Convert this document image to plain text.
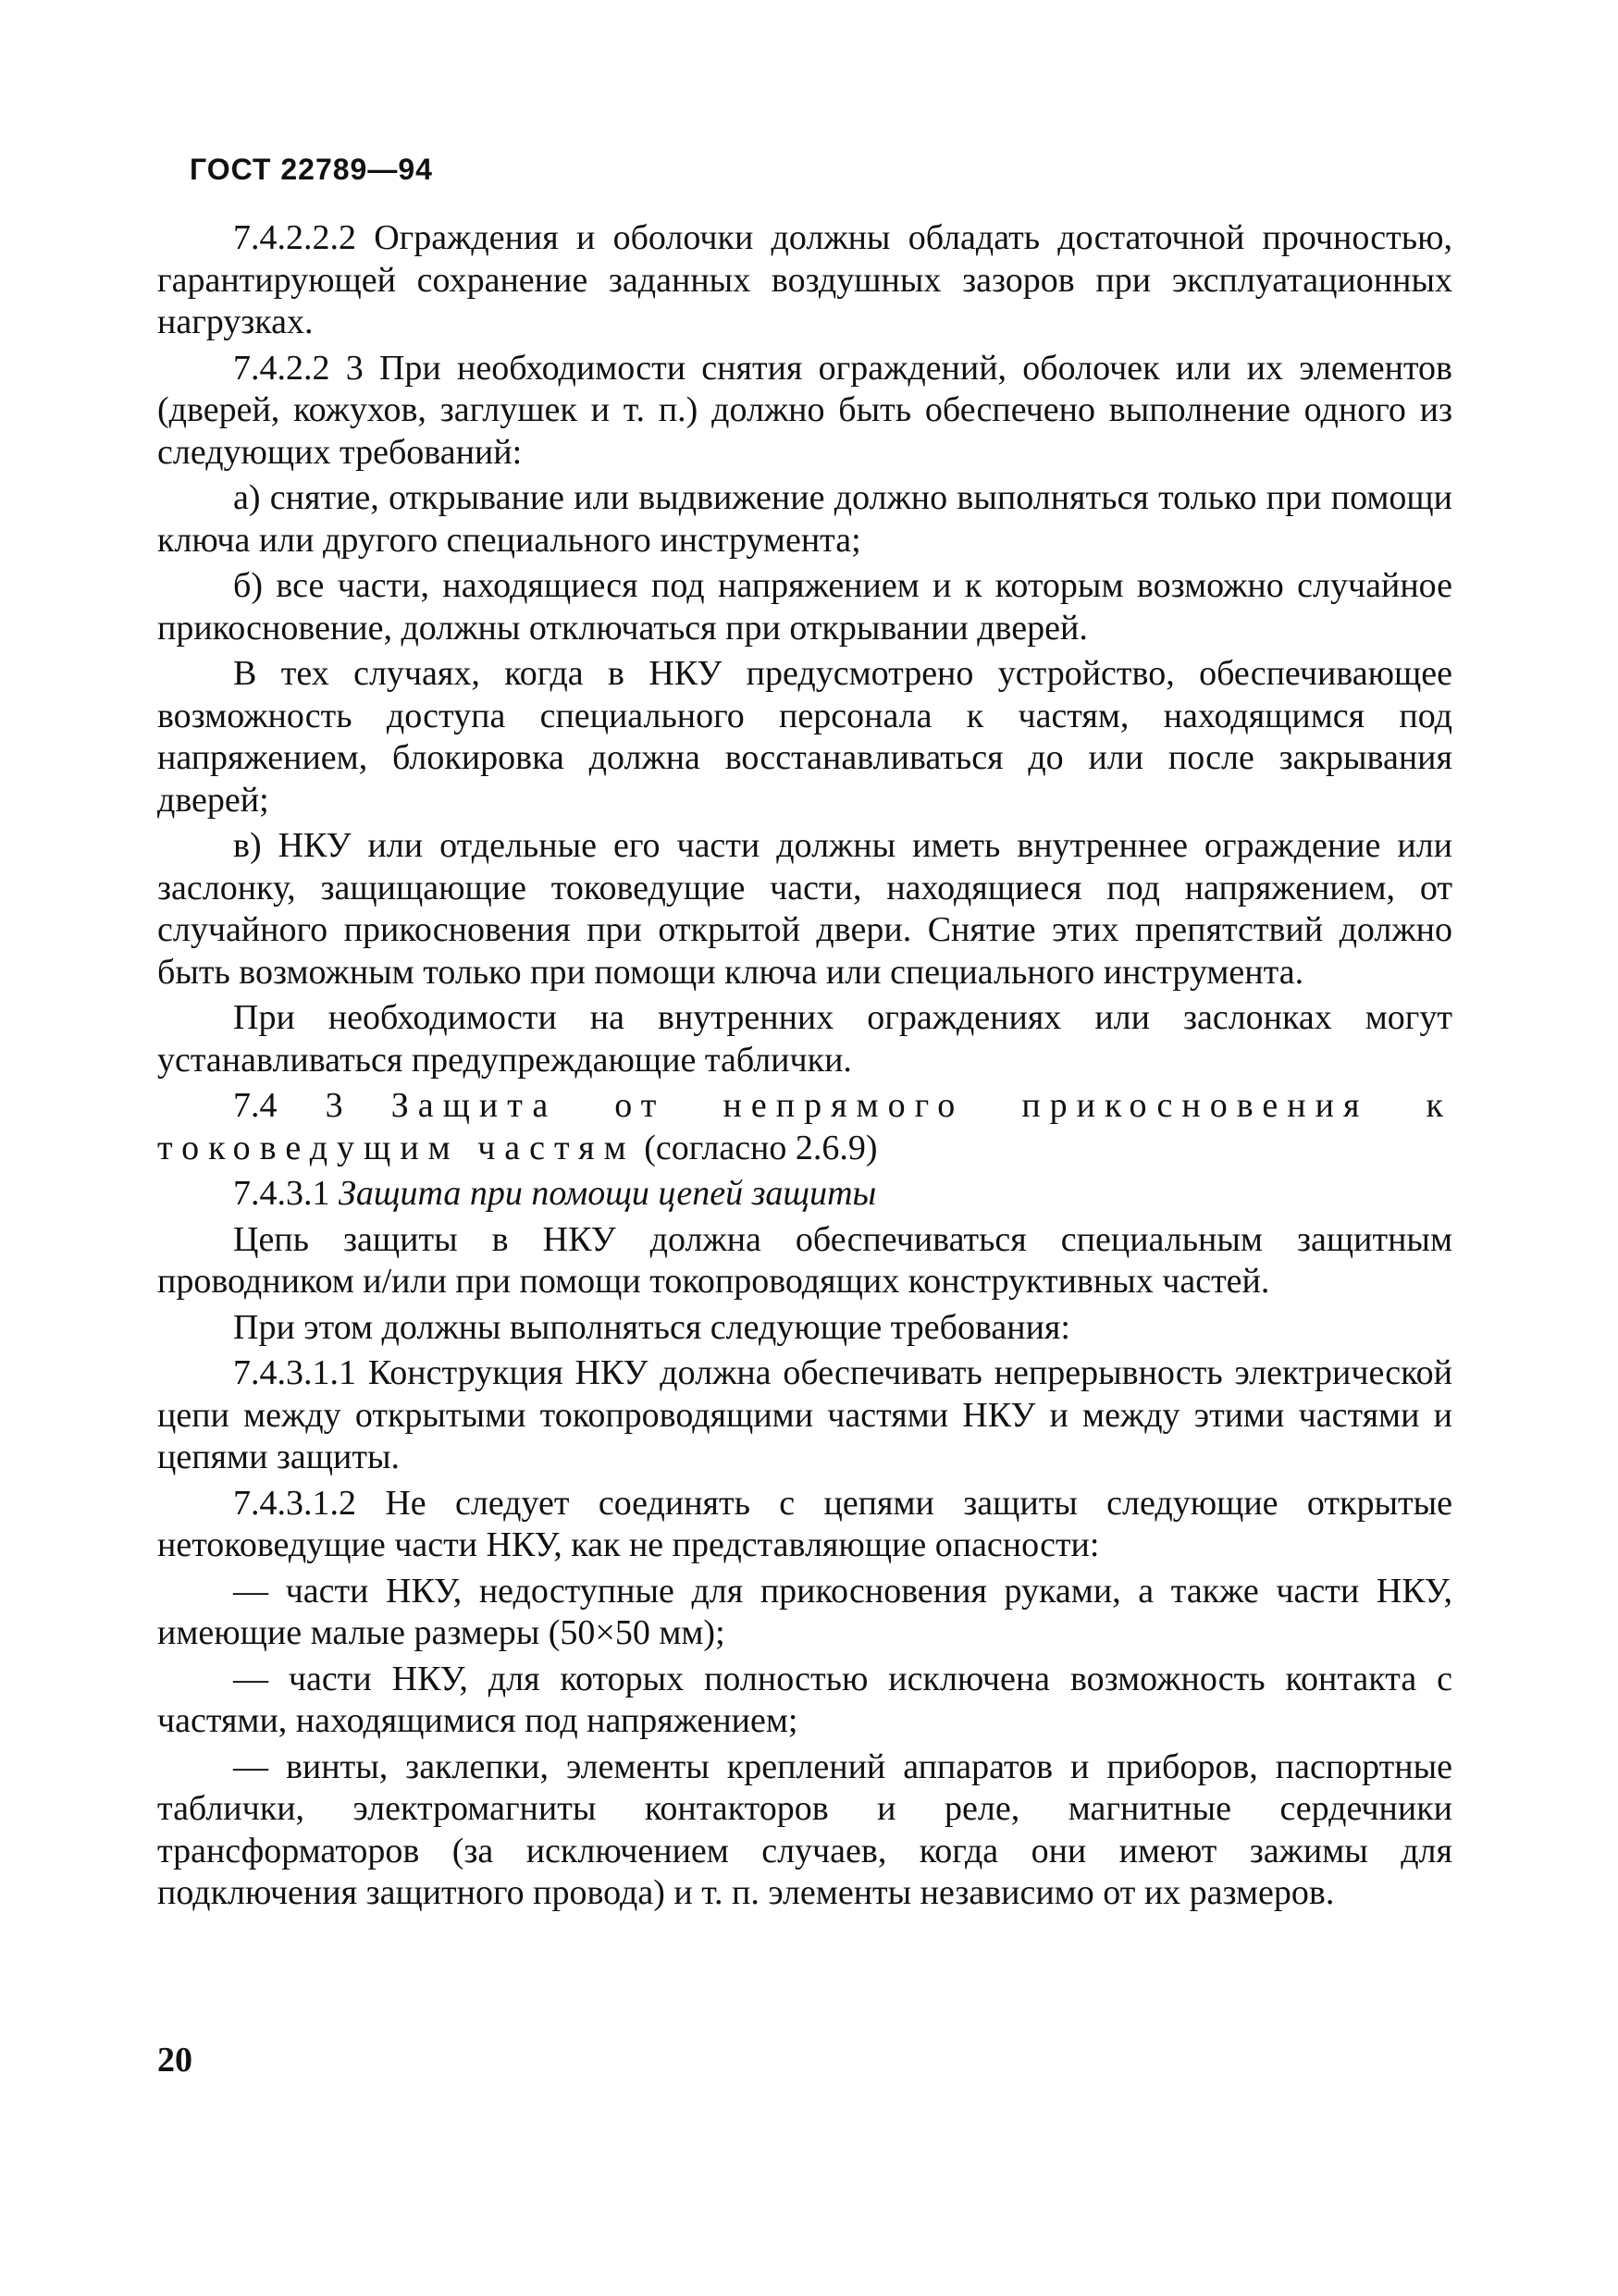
ГОСТ 22789—94

7.4.2.2.2 Ограждения и оболочки должны обладать достаточной прочностью, гарантирующей сохранение заданных воздушных зазоров при эксплуатационных нагрузках.

7.4.2.2 3 При необходимости снятия ограждений, оболочек или их элементов (дверей, кожухов, заглушек и т. п.) должно быть обеспечено выполнение одного из следующих требований:

а) снятие, открывание или выдвижение должно выполняться только при помощи ключа или другого специального инструмента;

б) все части, находящиеся под напряжением и к которым возможно случайное прикосновение, должны отключаться при открывании дверей.

В тех случаях, когда в НКУ предусмотрено устройство, обеспечивающее возможность доступа специального персонала к частям, находящимся под напряжением, блокировка должна восстанавливаться до или после закрывания дверей;

в) НКУ или отдельные его части должны иметь внутреннее ограждение или заслонку, защищающие токоведущие части, находящиеся под напряжением, от случайного прикосновения при открытой двери. Снятие этих препятствий должно быть возможным только при помощи ключа или специального инструмента.

При необходимости на внутренних ограждениях или заслонках могут устанавливаться предупреждающие таблички.

7.4 3 Защита от непрямого прикосновения к токоведущим частям (согласно 2.6.9)

7.4.3.1 Защита при помощи цепей защиты

Цепь защиты в НКУ должна обеспечиваться специальным защитным проводником и/или при помощи токопроводящих конструктивных частей.

При этом должны выполняться следующие требования:

7.4.3.1.1 Конструкция НКУ должна обеспечивать непрерывность электрической цепи между открытыми токопроводящими частями НКУ и между этими частями и цепями защиты.

7.4.3.1.2 Не следует соединять с цепями защиты следующие открытые нетоковедущие части НКУ, как не представляющие опасности:

— части НКУ, недоступные для прикосновения руками, а также части НКУ, имеющие малые размеры (50×50 мм);

— части НКУ, для которых полностью исключена возможность контакта с частями, находящимися под напряжением;

— винты, заклепки, элементы креплений аппаратов и приборов, паспортные таблички, электромагниты контакторов и реле, магнитные сердечники трансформаторов (за исключением случаев, когда они имеют зажимы для подключения защитного провода) и т. п. элементы независимо от их размеров.

20
